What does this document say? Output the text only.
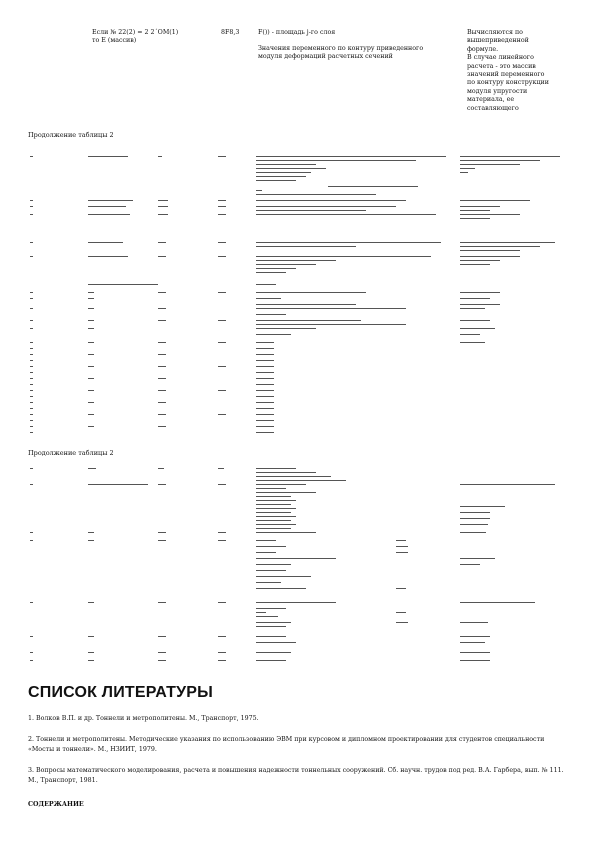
Если № 22(2) = 2 2´ОМ(1)
то Е (массив)
8F8,3	F()) - площадь j-го слоя
Значения переменного по контуру приведенного
модуля деформаций расчетных сечений
Вычисляются по
вышеприведенной
формуле.
В случае линейного
расчета - это массив
значений переменного
по контуру конструкции
модуля упругости
материала, ее
составляющего
Продолжение таблицы 2
Продолжение таблицы 2
СПИСОК ЛИТЕРАТУРЫ
1. Волков В.П. и др. Тоннели и метрополитены. М., Транспорт, 1975.
2. Тоннели и метрополитены. Методические указания по использованию ЭВМ при курсовом и дипломном проектировании для студентов специальности «Мосты и тоннели». М., НЗИИТ, 1979.
3. Вопросы математического моделирования, расчета и повышения надежности тоннельных сооружений. Сб. научн. трудов под ред. В.А. Гарбера, вып. № 111. М., Транспорт, 1981.
СОДЕРЖАНИЕ
